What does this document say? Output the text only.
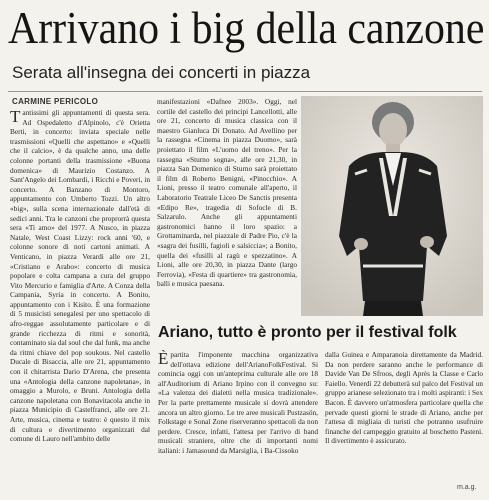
Arrivano i big della canzone
Serata all'insegna dei concerti in piazza
CARMINE PERICOLO

Tantissimi gli appuntamenti di questa sera. Ad Ospedaletto d'Alpinolo, c'è Orietta Berti, in concerto: inviata speciale nelle trasmissioni «Quelli che aspettano» e «Quelli che il calcio», è da qualche anno, una delle colonne portanti della trasmissione «Buona domenica» di Maurizio Costanzo. A Sant'Angelo dei Lombardi, i Ricchi e Poveri, in concerto. A Banzano di Montoro, appuntamento con Umberto Tozzi. Un altro «big», sulla scena internazionale dall'età di sedici anni. Tra le canzoni che proprorrà questa sera «Ti amo» del 1977. A Nusco, in piazza Natale, West Coast Lizzy: rock anni '60, e colonne sonore di noti cartoni animati. A Venticano, in piazza Verardi alle ore 21, «Cristiano e Arabo»: concerto di musica popolare e colta campana a cura del gruppo Vito Mercurio e famiglia d'Arte. A Conza della Campania, Syria in concerto. A Bonito, appuntamento con i Kisito. È una formazione di 5 musicisti senegalesi per uno spettacolo di afro-reggae assolutamente particolare e di grande ricchezza di ritmi e sonorità, contaminato sia dal soul che dal funk, ma anche da ritmi chiave del pop soukous. Nel castello Ducale di Bisaccia, alle ore 21, appuntamento con il chitarrista Dario D'Arena, che presenta una «Antologia della canzone napoletana», in omaggio a Murolo, e Bruni. Antologia della canzone napoletana con Bonavitacola anche in piazza Municipio di Castelfranci, alle ore 21. Arte, musica, cinema e teatro: è questo il mix di cultura e divertimento organizzati dal comune di Lauro nell'ambito delle

manifestazioni «Dafnee 2003». Oggi, nel cortile del castello dei principi Lancellotti, alle ore 21, concerto di musica classica con il maestro Gianluca Di Donato. Ad Avellino per la rassegna «Cinema in piazza Duomo», sarà proiettato il film «L'uomo del treno». Per la rassegna «Sturno sogna», alle ore 21,30, in piazza San Domenico di Sturno sarà proiettato il film di Roberto Benigni, «Pinocchio». A Lioni, presso il teatro comunale all'aperto, il Laboratorio Teatrale Liceo De Sanctis presenta «Edipo Re», tragedia di Sofocle di B. Salzarulo. Anche gli appuntamenti gastronomici hanno il loro spazio: a Grottaminarda, nel piazzale di Padre Pio, c'è la «sagra dei fusilli, fagioli e salsiccia»; a Bonito, quella dei «fusilli al ragù e spezzatino». A Lioni, alle ore 20,30, in piazza Dante (largo Ferrovia), «Festa di quartiere» tra gastronomia, balli e musica paesana.

Ariano, tutto è pronto per il festival folk

Èpartita l'imponente macchina organizzativa dell'ottava edizione dell'ArianoFolkFestival. Si comincia oggi con un'anteprima culturale alle ore 18 all'Auditorium di Ariano Irpino con il convegno su: «La valenza dei dialetti nella musica tradizionale». Per la parte prettamente musicale si dovrà attendere ancora un altro giorno. Le tre aree musicali Pustzasön, Folkstage e Sonal Zone riserveranno spettacoli da non perdere. Cresce, infatti, l'attesa per l'arrivo di band musicali straniere, oltre che di importanti nomi italiani: i Jamasound da Marsiglia, i Ba-Cissoko

dalla Guinea e Amparanoia direttamente da Madrid. Da non perdere saranno anche le performance di Davide Van De Sfroos, degli Après la Classe e Carlo Faiello. Venerdì 22 debutterà sul palco del Festival un gruppo arianese selezionato tra i molti aspiranti: i Sex Bacon. È davvero un'atmosfera particolare quella che pervade questi giorni le strade di Ariano, anche per l'attesa di migliaia di turisti che potranno usufruire finanche del campeggio gratuito al boschetto Pasteni. Il divertimento è assicurato.

m.a.g.
